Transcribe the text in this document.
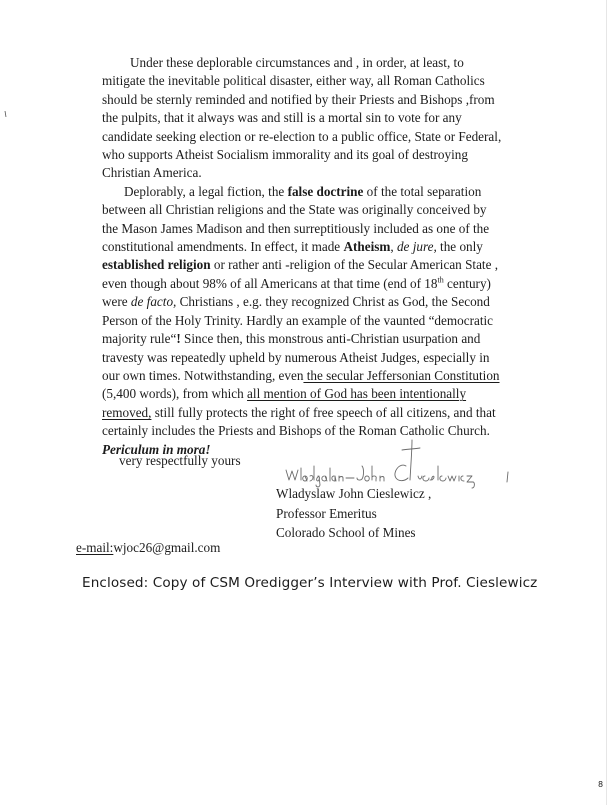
Under these deplorable circumstances and , in order, at least, to
mitigate the inevitable political disaster, either way, all Roman Catholics
should be sternly reminded and notified by their Priests and Bishops ,from
the pulpits, that it always was and still is a mortal sin to vote for any
candidate seeking election or re-election to a public office, State or Federal,
who supports Atheist Socialism immorality and its goal of destroying
Christian America.

Deplorably, a legal fiction, the false doctrine of the total separation
between all Christian religions and the State was originally conceived by
the Mason James Madison and then surreptitiously included as one of the
constitutional amendments. In effect, it made Atheism, de jure, the only
established religion or rather anti -religion of the Secular American State ,
even though about 98% of all Americans at that time (end of 18th century)
were de facto, Christians , e.g. they recognized Christ as God, the Second
Person of the Holy Trinity. Hardly an example of the vaunted “democratic
majority rule“! Since then, this monstrous anti-Christian usurpation and
travesty was repeatedly upheld by numerous Atheist Judges, especially in
our own times. Notwithstanding, even the secular Jeffersonian Constitution
(5,400 words), from which all mention of God has been intentionally
removed, still fully protects the right of free speech of all citizens, and that
certainly includes the Priests and Bishops of the Roman Catholic Church.
Periculum in mora!

very respectfully yours
Wladyslaw John Cieslewicz ,
Professor Emeritus
Colorado School of Mines
e-mail:wjoc26@gmail.com
Enclosed: Copy of CSM Oredigger’s Interview with Prof. Cieslewicz
8
